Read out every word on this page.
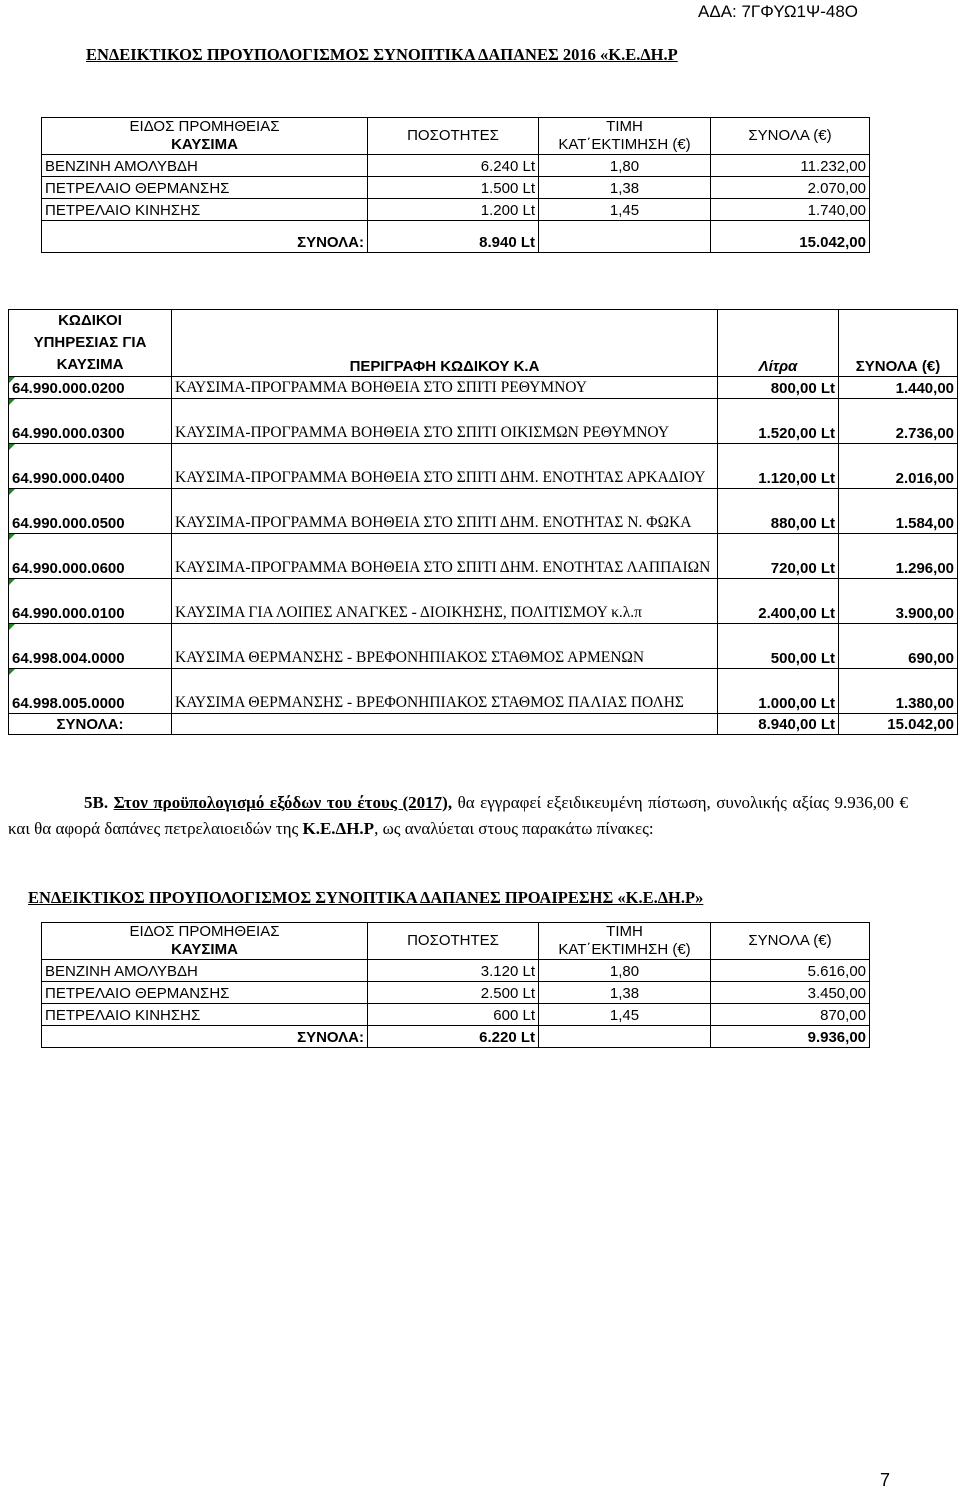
ΑΔΑ: 7ΓΦΥΩ1Ψ-48Ο
ΕΝΔΕΙΚΤΙΚΟΣ ΠΡΟΥΠΟΛΟΓΙΣΜΟΣ ΣΥΝΟΠΤΙΚΑ ΔΑΠΑΝΕΣ 2016 «Κ.Ε.ΔΗ.Ρ
ΕΙΔΟΣ ΠΡΟΜΗΘΕΙΑΣ	ΠΟΣΟΤΗΤΕΣ	ΤΙΜΗ	ΣΥΝΟΛΑ (€)
ΚΑΥΣΙΜΑ		ΚΑΤ΄ΕΚΤΙΜΗΣΗ (€)	
ΒΕΝΖΙΝΗ ΑΜΟΛΥΒΔΗ	6.240 Lt	1,80	11.232,00
ΠΕΤΡΕΛΑΙΟ ΘΕΡΜΑΝΣΗΣ	1.500 Lt	1,38	2.070,00
ΠΕΤΡΕΛΑΙΟ ΚΙΝΗΣΗΣ	1.200 Lt	1,45	1.740,00
ΣΥΝΟΛΑ:	8.940 Lt		15.042,00
ΚΩΔΙΚΟΙ
ΥΠΗΡΕΣΙΑΣ ΓΙΑ
ΚΑΥΣΙΜΑ	ΠΕΡΙΓΡΑΦΗ ΚΩΔΙΚΟΥ Κ.Α	Λίτρα	ΣΥΝΟΛΑ (€)
64.990.000.0200	ΚΑΥΣΙΜΑ-ΠΡΟΓΡΑΜΜΑ ΒΟΗΘΕΙΑ ΣΤΟ ΣΠΙΤΙ ΡΕΘΥΜΝΟΥ	800,00 Lt	1.440,00
64.990.000.0300	ΚΑΥΣΙΜΑ-ΠΡΟΓΡΑΜΜΑ ΒΟΗΘΕΙΑ ΣΤΟ ΣΠΙΤΙ ΟΙΚΙΣΜΩΝ ΡΕΘΥΜΝΟΥ	1.520,00 Lt	2.736,00
64.990.000.0400	ΚΑΥΣΙΜΑ-ΠΡΟΓΡΑΜΜΑ ΒΟΗΘΕΙΑ ΣΤΟ ΣΠΙΤΙ ΔΗΜ. ΕΝΟΤΗΤΑΣ ΑΡΚΑΔΙΟΥ	1.120,00 Lt	2.016,00
64.990.000.0500	ΚΑΥΣΙΜΑ-ΠΡΟΓΡΑΜΜΑ ΒΟΗΘΕΙΑ ΣΤΟ ΣΠΙΤΙ ΔΗΜ. ΕΝΟΤΗΤΑΣ Ν. ΦΩΚΑ	880,00 Lt	1.584,00
64.990.000.0600	ΚΑΥΣΙΜΑ-ΠΡΟΓΡΑΜΜΑ ΒΟΗΘΕΙΑ ΣΤΟ ΣΠΙΤΙ ΔΗΜ. ΕΝΟΤΗΤΑΣ ΛΑΠΠΑΙΩΝ	720,00 Lt	1.296,00
64.990.000.0100	ΚΑΥΣΙΜΑ ΓΙΑ ΛΟΙΠΕΣ ΑΝΑΓΚΕΣ - ΔΙΟΙΚΗΣΗΣ, ΠΟΛΙΤΙΣΜΟΥ κ.λ.π	2.400,00 Lt	3.900,00
64.998.004.0000	ΚΑΥΣΙΜΑ ΘΕΡΜΑΝΣΗΣ - ΒΡΕΦΟΝΗΠΙΑΚΟΣ ΣΤΑΘΜΟΣ ΑΡΜΕΝΩΝ	500,00 Lt	690,00
64.998.005.0000	ΚΑΥΣΙΜΑ ΘΕΡΜΑΝΣΗΣ - ΒΡΕΦΟΝΗΠΙΑΚΟΣ ΣΤΑΘΜΟΣ ΠΑΛΙΑΣ ΠΟΛΗΣ	1.000,00 Lt	1.380,00
ΣΥΝΟΛΑ:		8.940,00 Lt	15.042,00
5Β. Στον προϋπολογισμό εξόδων του έτους (2017), θα εγγραφεί εξειδικευμένη πίστωση, συνολικής αξίας 9.936,00 € και θα αφορά δαπάνες πετρελαιοειδών της Κ.Ε.ΔΗ.Ρ, ως αναλύεται στους παρακάτω πίνακες:
ΕΝΔΕΙΚΤΙΚΟΣ ΠΡΟΥΠΟΛΟΓΙΣΜΟΣ ΣΥΝΟΠΤΙΚΑ ΔΑΠΑΝΕΣ ΠΡΟΑΙΡΕΣΗΣ «Κ.Ε.ΔΗ.Ρ»
ΕΙΔΟΣ ΠΡΟΜΗΘΕΙΑΣ	ΠΟΣΟΤΗΤΕΣ	ΤΙΜΗ	ΣΥΝΟΛΑ (€)
ΚΑΥΣΙΜΑ		ΚΑΤ΄ΕΚΤΙΜΗΣΗ (€)	
ΒΕΝΖΙΝΗ ΑΜΟΛΥΒΔΗ	3.120 Lt	1,80	5.616,00
ΠΕΤΡΕΛΑΙΟ ΘΕΡΜΑΝΣΗΣ	2.500 Lt	1,38	3.450,00
ΠΕΤΡΕΛΑΙΟ ΚΙΝΗΣΗΣ	600 Lt	1,45	870,00
ΣΥΝΟΛΑ:	6.220 Lt		9.936,00
7
